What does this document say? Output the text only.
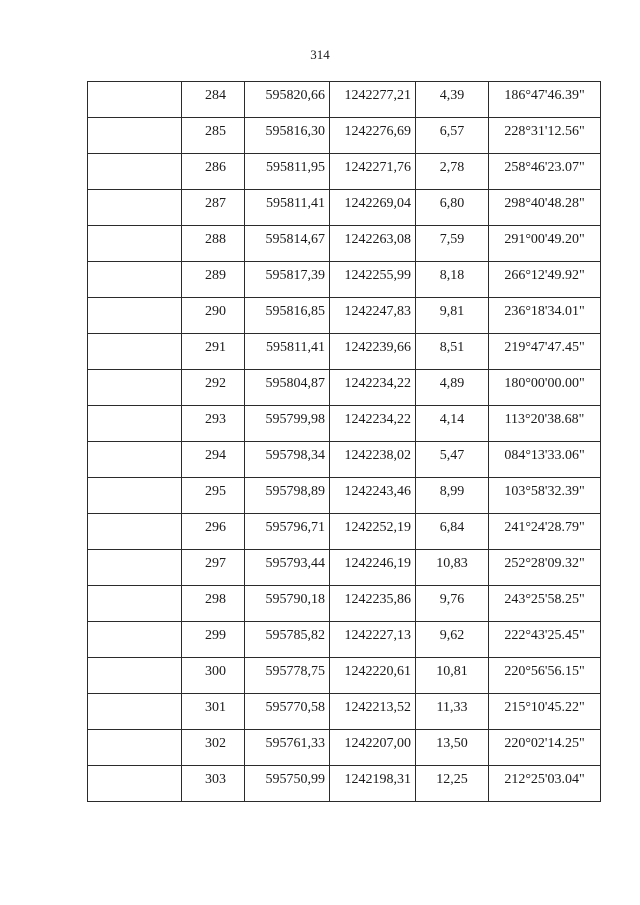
314
	284	595820,66	1242277,21	4,39	186°47'46.39"
	285	595816,30	1242276,69	6,57	228°31'12.56"
	286	595811,95	1242271,76	2,78	258°46'23.07"
	287	595811,41	1242269,04	6,80	298°40'48.28"
	288	595814,67	1242263,08	7,59	291°00'49.20"
	289	595817,39	1242255,99	8,18	266°12'49.92"
	290	595816,85	1242247,83	9,81	236°18'34.01"
	291	595811,41	1242239,66	8,51	219°47'47.45"
	292	595804,87	1242234,22	4,89	180°00'00.00"
	293	595799,98	1242234,22	4,14	113°20'38.68"
	294	595798,34	1242238,02	5,47	084°13'33.06"
	295	595798,89	1242243,46	8,99	103°58'32.39"
	296	595796,71	1242252,19	6,84	241°24'28.79"
	297	595793,44	1242246,19	10,83	252°28'09.32"
	298	595790,18	1242235,86	9,76	243°25'58.25"
	299	595785,82	1242227,13	9,62	222°43'25.45"
	300	595778,75	1242220,61	10,81	220°56'56.15"
	301	595770,58	1242213,52	11,33	215°10'45.22"
	302	595761,33	1242207,00	13,50	220°02'14.25"
	303	595750,99	1242198,31	12,25	212°25'03.04"
